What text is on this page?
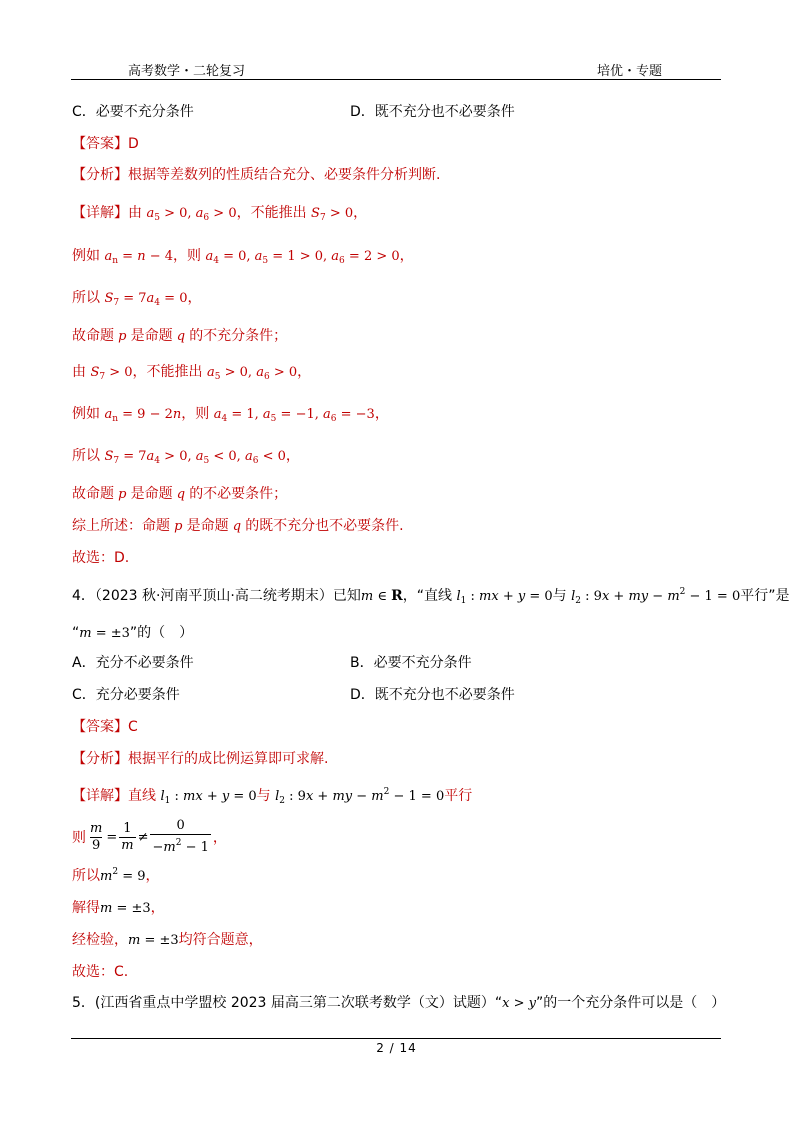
高考数学・二轮复习	培优・专题
C．必要不充分条件	D．既不充分也不必要条件
【答案】D
【分析】根据等差数列的性质结合充分、必要条件分析判断.
【详解】由 $a_5 > 0$, $a_6 > 0$，不能推出 $S_7 > 0$，
例如 $a_n = n - 4$，则 $a_4 = 0$, $a_5 = 1 > 0$, $a_6 = 2 > 0$，
所以 $S_7 = 7a_4 = 0$，
故命题 p 是命题 q 的不充分条件；
由 $S_7 > 0$，不能推出 $a_5 > 0$, $a_6 > 0$，
例如 $a_n = 9 - 2n$，则 $a_4 = 1$, $a_5 = -1$, $a_6 = -3$，
所以 $S_7 = 7a_4 > 0$, $a_5 < 0$, $a_6 < 0$，
故命题 p 是命题 q 的不必要条件；
综上所述：命题 p 是命题 q 的既不充分也不必要条件.
故选：D.
4．（2023 秋·河南平顶山·高二统考期末）已知m ∈ R，“直线 $l_1$ : mx + y = 0与 $l_2$ : 9x + my − $m^2 - 1 = 0$平行”是
“m = ±3”的（　）
A．充分不必要条件	B．必要不充分条件
C．充分必要条件	D．既不充分也不必要条件
【答案】C
【分析】根据平行的成比例运算即可求解.
【详解】直线 $l_1$ : mx + y = 0与 $l_2$ : 9x + my − $m^2 - 1 = 0$平行
则 $\frac{m}{9} = \frac{1}{m} \ne \frac{0}{-m^2 - 1}$ ，
所以$m^2 = 9$，
解得m = ±3，
经检验，m = ±3均符合题意，
故选：C.
5．(江西省重点中学盟校 2023 届高三第二次联考数学（文）试题）“x > y”的一个充分条件可以是（　）
2 / 14
